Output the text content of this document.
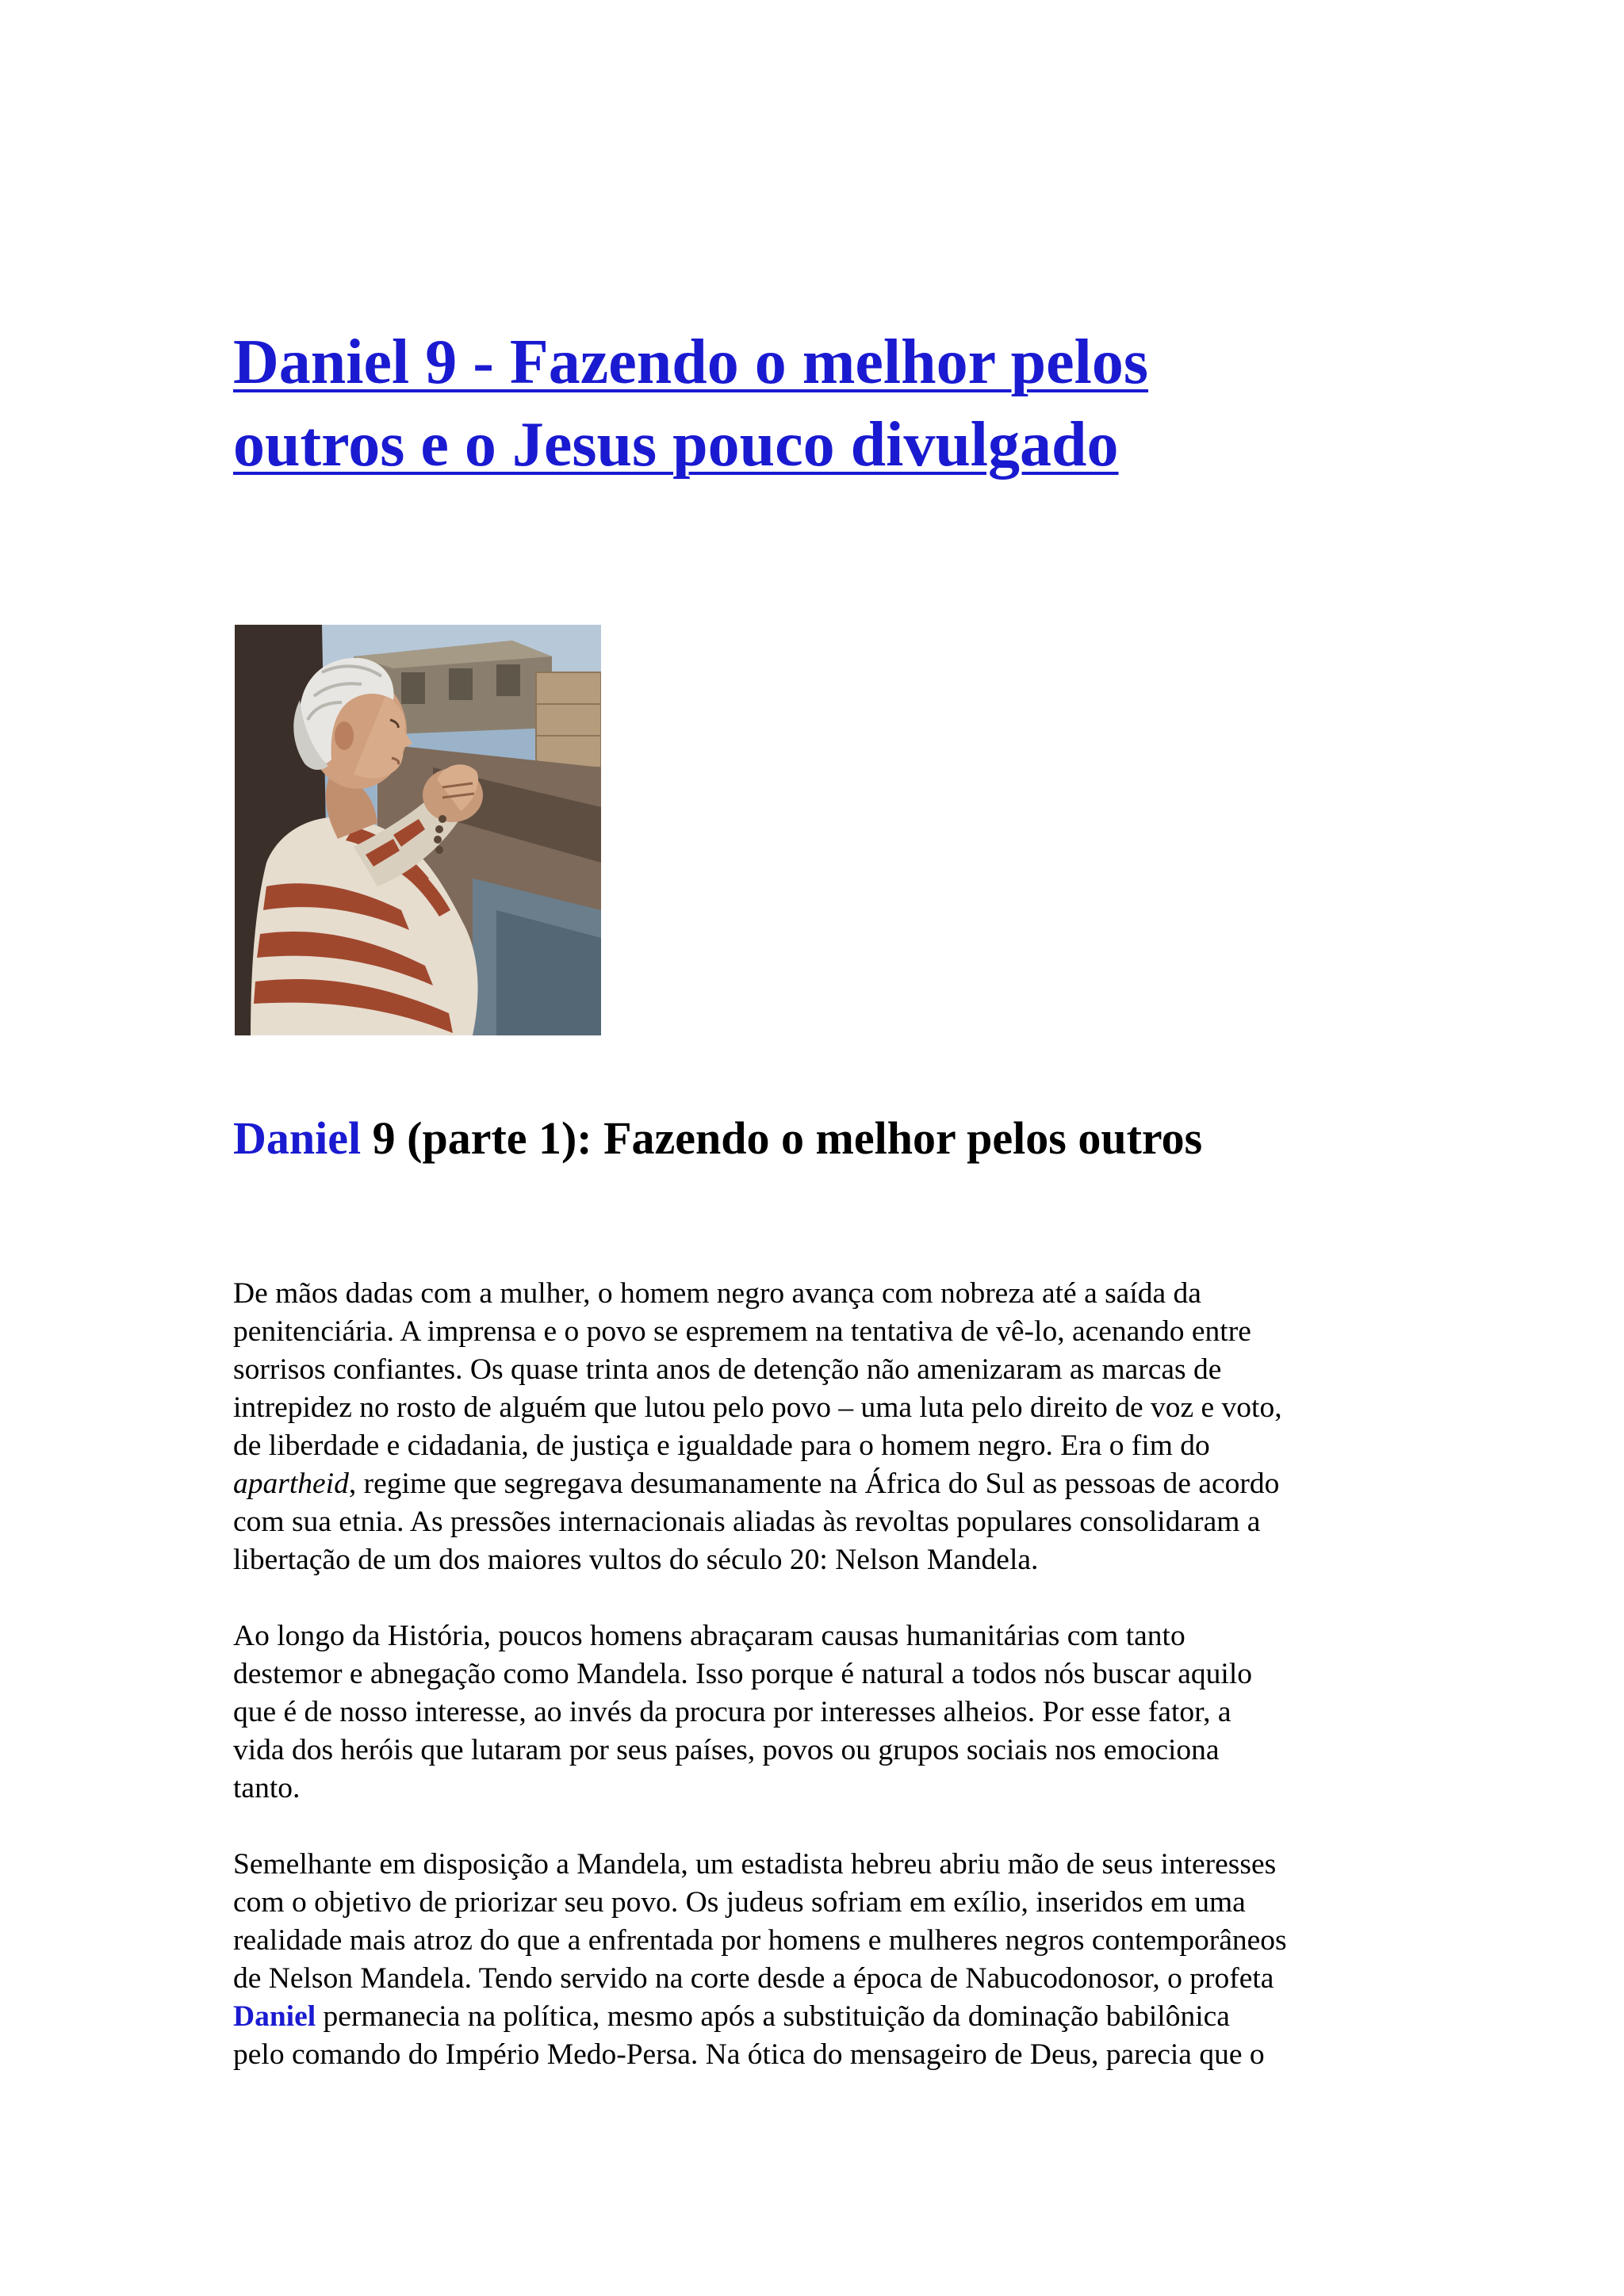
Daniel 9 - Fazendo o melhor pelos
outros e o Jesus pouco divulgado
Daniel 9 (parte 1): Fazendo o melhor pelos outros

De mãos dadas com a mulher, o homem negro avança com nobreza até a saída da
penitenciária. A imprensa e o povo se espremem na tentativa de vê-lo, acenando entre
sorrisos confiantes. Os quase trinta anos de detenção não amenizaram as marcas de
intrepidez no rosto de alguém que lutou pelo povo – uma luta pelo direito de voz e voto,
de liberdade e cidadania, de justiça e igualdade para o homem negro. Era o fim do
apartheid, regime que segregava desumanamente na África do Sul as pessoas de acordo
com sua etnia. As pressões internacionais aliadas às revoltas populares consolidaram a
libertação de um dos maiores vultos do século 20: Nelson Mandela.

Ao longo da História, poucos homens abraçaram causas humanitárias com tanto
destemor e abnegação como Mandela. Isso porque é natural a todos nós buscar aquilo
que é de nosso interesse, ao invés da procura por interesses alheios. Por esse fator, a
vida dos heróis que lutaram por seus países, povos ou grupos sociais nos emociona
tanto.

Semelhante em disposição a Mandela, um estadista hebreu abriu mão de seus interesses
com o objetivo de priorizar seu povo. Os judeus sofriam em exílio, inseridos em uma
realidade mais atroz do que a enfrentada por homens e mulheres negros contemporâneos
de Nelson Mandela. Tendo servido na corte desde a época de Nabucodonosor, o profeta
Daniel permanecia na política, mesmo após a substituição da dominação babilônica
pelo comando do Império Medo-Persa. Na ótica do mensageiro de Deus, parecia que o
